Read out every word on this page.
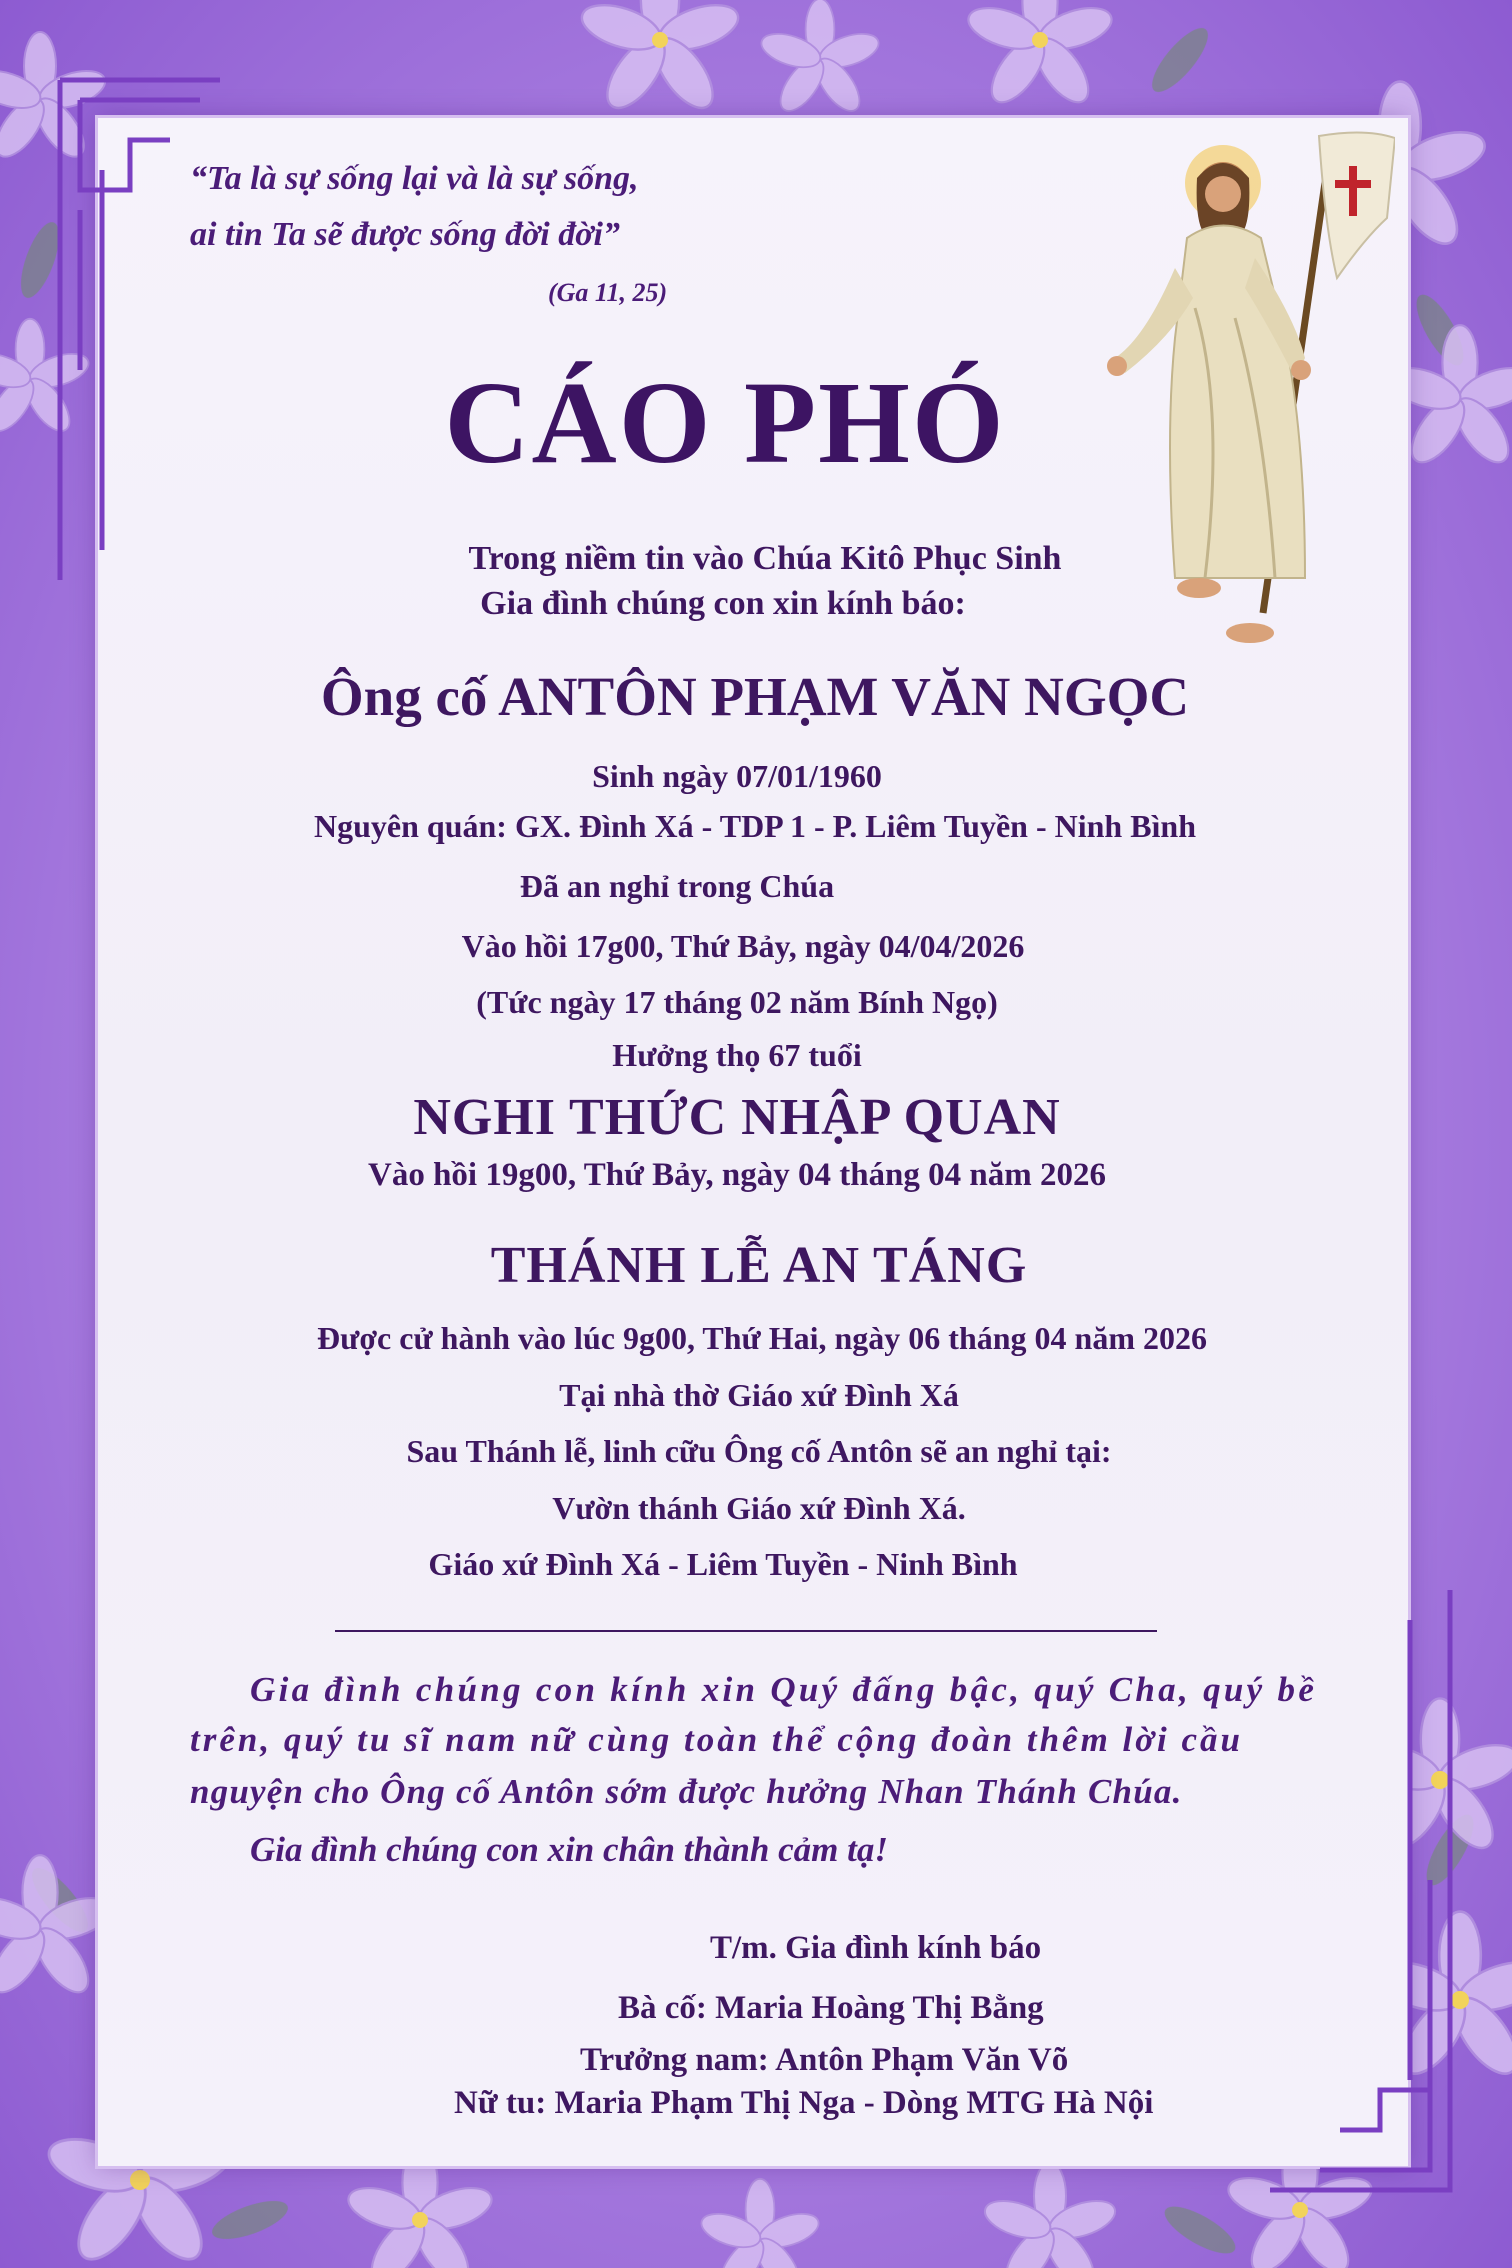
“Ta là sự sống lại và là sự sống,
ai tin Ta sẽ được sống đời đời”
(Ga 11, 25)
CÁO PHÓ
Trong niềm tin vào Chúa Kitô Phục Sinh
Gia đình chúng con xin kính báo:
Ông cố ANTÔN PHẠM VĂN NGỌC
Sinh ngày 07/01/1960
Nguyên quán: GX. Đình Xá - TDP 1 - P. Liêm Tuyền - Ninh Bình
Đã an nghỉ trong Chúa
Vào hồi 17g00, Thứ Bảy, ngày 04/04/2026
(Tức ngày 17 tháng 02 năm Bính Ngọ)
Hưởng thọ 67 tuổi
NGHI THỨC NHẬP QUAN
Vào hồi 19g00, Thứ Bảy, ngày 04 tháng 04 năm 2026
THÁNH LỄ AN TÁNG
Được cử hành vào lúc 9g00, Thứ Hai, ngày 06 tháng 04 năm 2026
Tại nhà thờ Giáo xứ Đình Xá
Sau Thánh lễ, linh cữu Ông cố Antôn sẽ an nghỉ tại:
Vườn thánh Giáo xứ Đình Xá.
Giáo xứ Đình Xá - Liêm Tuyền - Ninh Bình
Gia đình chúng con kính xin Quý đấng bậc, quý Cha, quý bề
trên, quý tu sĩ nam nữ cùng toàn thể cộng đoàn thêm lời cầu
nguyện cho Ông cố Antôn sớm được hưởng Nhan Thánh Chúa.
Gia đình chúng con xin chân thành cảm tạ!
T/m. Gia đình kính báo
Bà cố: Maria Hoàng Thị Bằng
Trưởng nam: Antôn Phạm Văn Võ
Nữ tu: Maria Phạm Thị Nga - Dòng MTG Hà Nội
